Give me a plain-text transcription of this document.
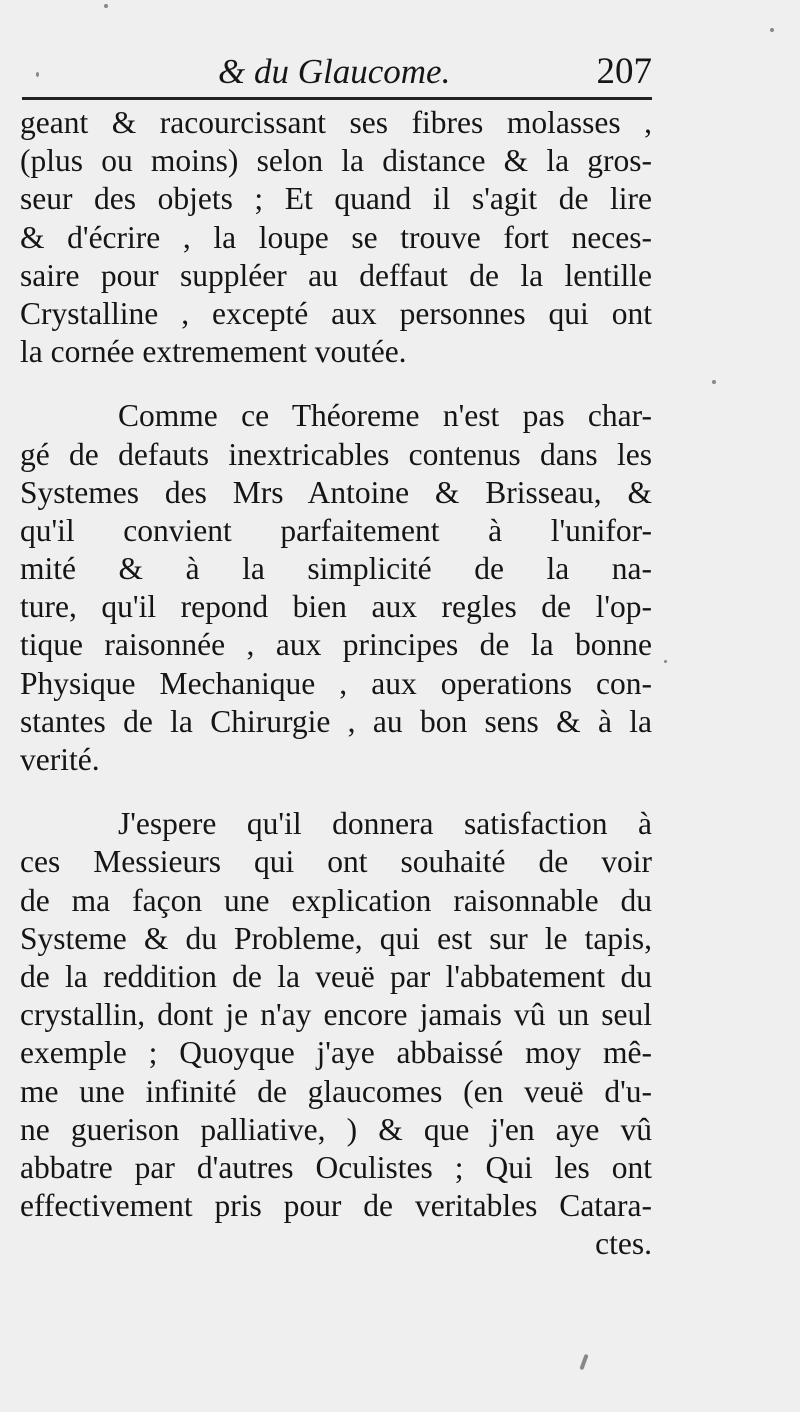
& du Glaucome.	207
geant & racourcissant ses fibres molasses ,
(plus ou moins) selon la distance & la gros-
seur des objets ; Et quand il s'agit de lire
& d'écrire , la loupe se trouve fort neces-
saire pour suppléer au deffaut de la lentille
Crystalline , excepté aux personnes qui ont
la cornée extremement voutée.
Comme ce Théoreme n'est pas char-
gé de defauts inextricables contenus dans les
Systemes des Mrs Antoine & Brisseau, &
qu'il convient parfaitement à l'unifor-
mité & à la simplicité de la na-
ture, qu'il repond bien aux regles de l'op-
tique raisonnée , aux principes de la bonne
Physique Mechanique , aux operations con-
stantes de la Chirurgie , au bon sens & à la
verité.
J'espere qu'il donnera satisfaction à
ces Messieurs qui ont souhaité de voir
de ma façon une explication raisonnable du
Systeme & du Probleme, qui est sur le tapis,
de la reddition de la veuë par l'abbatement du
crystallin, dont je n'ay encore jamais vû un seul
exemple ; Quoyque j'aye abbaissé moy mê-
me une infinité de glaucomes (en veuë d'u-
ne guerison palliative, ) & que j'en aye vû
abbatre par d'autres Oculistes ; Qui les ont
effectivement pris pour de veritables Catara-
ctes.
